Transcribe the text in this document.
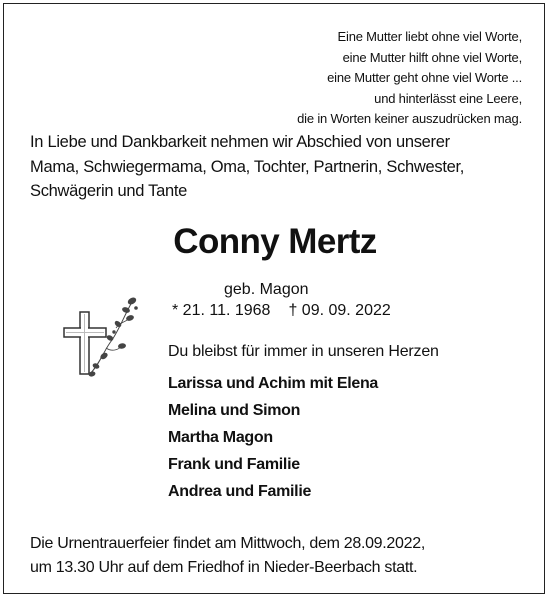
Eine Mutter liebt ohne viel Worte,
eine Mutter hilft ohne viel Worte,
eine Mutter geht ohne viel Worte ...
und hinterlässt eine Leere,
die in Worten keiner auszudrücken mag.
In Liebe und Dankbarkeit nehmen wir Abschied von unserer
Mama, Schwiegermama, Oma, Tochter, Partnerin, Schwester,
Schwägerin und Tante
Conny Mertz
geb. Magon
* 21. 11. 1968 † 09. 09. 2022
Du bleibst für immer in unseren Herzen
Larissa und Achim mit Elena
Melina und Simon
Martha Magon
Frank und Familie
Andrea und Familie
Die Urnentrauerfeier findet am Mittwoch, dem 28.09.2022,
um 13.30 Uhr auf dem Friedhof in Nieder-Beerbach statt.
